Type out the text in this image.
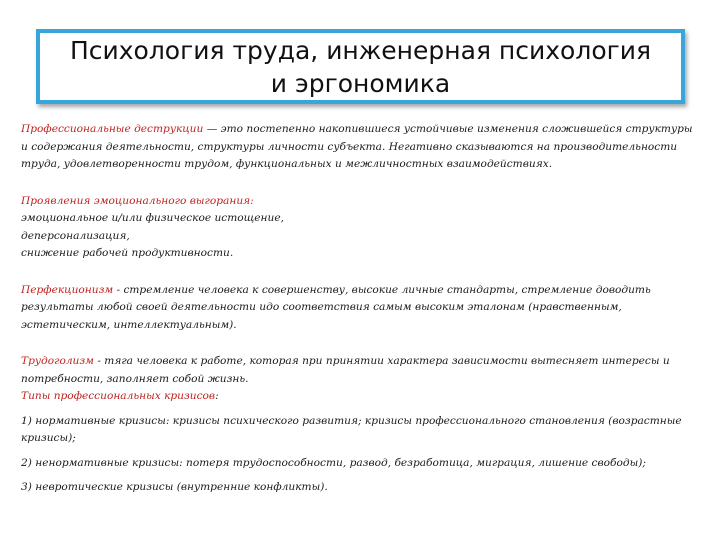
Психология труда, инженерная психология
и эргономика

Профессиональные деструкции — это постепенно накопившиеся устойчивые изменения сложившейся структуры и содержания деятельности, структуры личности субъекта. Негативно сказываются на производительности труда, удовлетворенности трудом, функциональных и межличностных взаимодействиях.

Проявления эмоционального выгорания:

эмоциональное и/или физическое истощение,

деперсонализация,

снижение рабочей продуктивности.

Перфекционизм - стремление человека к совершенству, высокие личные стандарты, стремление доводить результаты любой своей деятельности идо соответствия самым высоким эталонам (нравственным, эстетическим, интеллектуальным).

Трудоголизм - тяга человека к работе, которая при принятии характера зависимости вытесняет интересы и потребности, заполняет собой жизнь.

Типы профессиональных кризисов:

1) нормативные кризисы: кризисы психического развития; кризисы профессионального становления (возрастные кризисы);

2) ненормативные кризисы: потеря трудоспособности, развод, безработица, миграция, лишение свободы);

3) невротические кризисы (внутренние конфликты).
